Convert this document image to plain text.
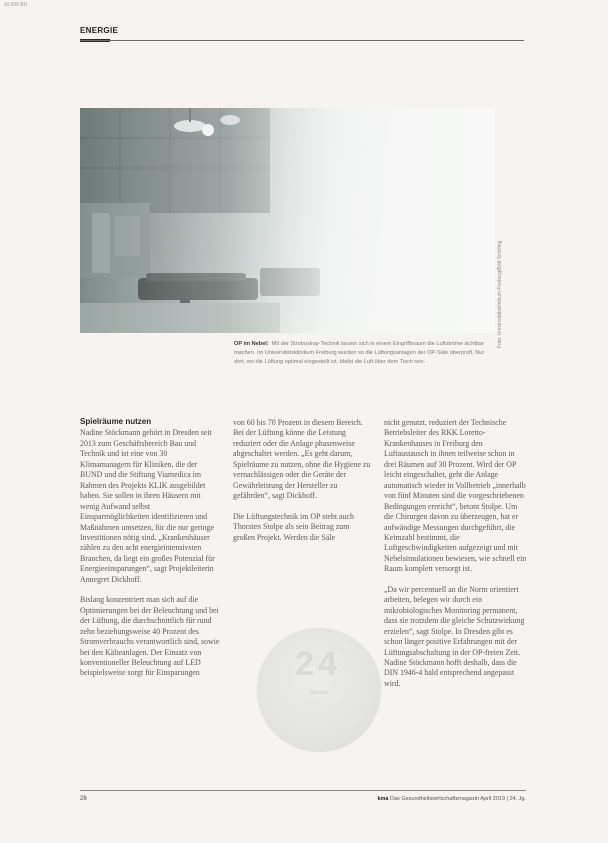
v0.000 BU
ENERGIE
Foto: Universitätsklinikum Freiburg/Britt Schilling
OP im Nebel: Mit der Stroboskop-Technik lassen sich in einem Eingriffsraum die Luftströme sichtbar machen. Im Universitätsklinikum Freiburg wurden so die Lüftungsanlagen der OP-Säle überprüft. Nur dort, wo die Lüftung optimal eingestellt ist, bleibt die Luft über dem Tisch rein.
Spielräume nutzen

Nadine Stöckmann gehört in Dresden seit 2013 zum Geschäftsbereich Bau und Technik und ist eine von 30 Klimamanagern für Kliniken, die der BUND und die Stiftung Viamedica im Rahmen des Projekts KLIK ausgebildet haben. Sie sollen in ihren Häusern mit wenig Aufwand selbst Einsparmöglichkeiten identifizieren und Maßnahmen umsetzen, für die nur geringe Investitionen nötig sind. „Krankenhäuser zählen zu den acht energieintensivsten Branchen, da liegt ein großes Potenzial für Energieeinsparungen“, sagt Projektleiterin Annegret Dickhoff.

Bislang konzentriert man sich auf die Optimierungen bei der Beleuchtung und bei der Lüftung, die durchschnittlich für rund zehn beziehungsweise 40 Prozent des Stromverbrauchs verantwortlich sind, sowie bei den Kälteanlagen. Der Einsatz von konventioneller Beleuchtung auf LED beispielsweise sorgt für Einsparungen

von 60 bis 70 Prozent in diesem Bereich. Bei der Lüftung könne die Leistung reduziert oder die Anlage phasenweise abgeschaltet werden. „Es geht darum, Spielräume zu nutzen, ohne die Hygiene zu vernachlässigen oder die Geräte der Gewährleistung der Hersteller zu gefährden“, sagt Dickhoff.

Die Lüftungstechnik im OP steht auch Thorsten Stolpe als sein Beitrag zum großen Projekt. Werden die Säle

nicht genutzt, reduziert der Technische Betriebsleiter des RKK Loretto-Krankenhauses in Freiburg den Luftaustausch in ihnen teilweise schon in drei Räumen auf 30 Prozent. Wird der OP leicht eingeschaltet, geht die Anlage automatisch wieder in Vollbetrieb „innerhalb von fünf Minuten sind die vorgeschriebenen Bedingungen erreicht“, betont Stolpe. Um die Chirurgen davon zu überzeugen, hat er aufwändige Messungen durchgeführt, die Keimzahl bestimmt, die Luftgeschwindigkeiten aufgezeigt und mit Nebelsimulationen bewiesen, wie schnell ein Raum komplett versorgt ist.

„Da wir percentuell an die Norm orientiert arbeiten, belegen wir durch ein mikrobiologisches Monitoring permanent, dass sie trotzdem die gleiche Schutzwirkung erzielen“, sagt Stolpe. In Dresden gibt es schon länger positive Erfahrungen mit der Lüftungsabschaltung in der OP-freien Zeit. Nadine Stöckmann hofft deshalb, dass die DIN 1946-4 bald entsprechend angepasst wird.

24
Stunden
26	kma Das Gesundheitswirtschaftsmagazin April 2019 | 24. Jg.
